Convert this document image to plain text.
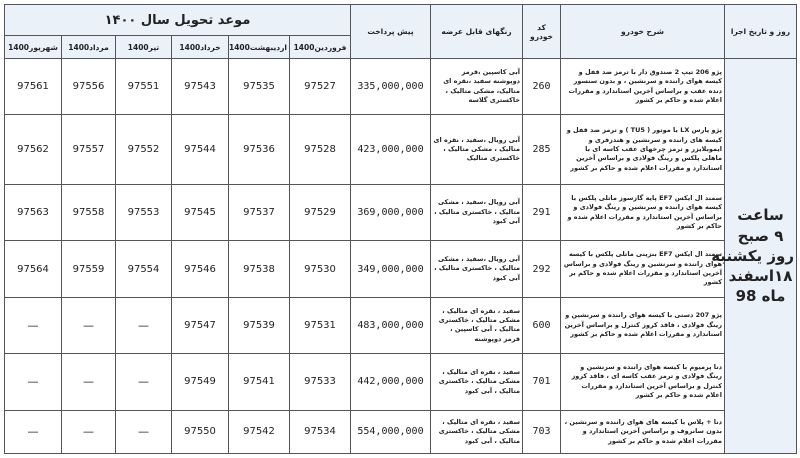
روز و تاریخ اجرا	شرح خودرو	کد خودرو	رنگهای قابل عرضه	پیش پرداخت	موعد تحویل سال ۱۴۰۰					
					فروردین1400	اردیبهشت1400	خرداد1400	تیر1400	مرداد1400	شهریور1400

ساعت
۹ صبح
روز یکشنبه
۱۸اسفند
ماه 98	پژو 206 تیپ 2 صندوق دار با ترمز ضد قفل و کیسه هوای راننده و سرنشین ، و بدون سنسور دنده عقب و براساس آخرین استاندارد و مقررات اعلام شده و حاکم بر کشور	260	آبی کاسپین ،قرمز دوپوشنه سفید ،نقره ای متالیک، مشکی متالیک ، خاکستری گلاسه	335,000,000	97527	97535	97543	97551	97556	97561
	پژو پارس LX با موتور ( TU5 ) و ترمز ضد قفل و کیسه های راننده و سرنشین و هندزفری و ایموبلایزر و ترمز چرخهای عقب کاسه ای با ماهلی پلکس و رینگ فولادی و براساس آخرین استاندارد و مقررات اعلام شده و حاکم بر کشور	285	آبی رویال ،سفید ، نقره ای متالیک ، مشکی متالیک ، خاکستری متالیک	423,000,000	97528	97536	97544	97552	97557	97562
	سمند ال ایکس EF7 پایه گازسوز ماتلی پلکس با کیسه هوای راننده و سرنشین و رینگ فولادی و براساس آخرین استاندارد و مقررات اعلام شده و حاکم بر کشور	291	آبی رویال ،سفید ، مشکی متالیک ، خاکستری متالیک ، آبی کبود	369,000,000	97529	97537	97545	97553	97558	97563
	سمند ال ایکس EF7 بنزینی ماتلی پلکس با کیسه هوای راننده و سرنشین و رینگ فولادی و براساس آخرین استاندارد و مقررات اعلام شده و حاکم بر کشور	292	آبی رویال ،سفید ، مشکی متالیک ، خاکستری متالیک ، آبی کبود	349,000,000	97530	97538	97546	97554	97559	97564
	پژو 207 دستی با کیسه هوای راننده و سرنشین و رینگ فولادی ، فاقد کروز کنترل و براساس آخرین استاندارد و مقررات اعلام شده و حاکم بر کشور	600	سفید ، نقره ای متالیک ، مشکی متالیک ، خاکستری متالیک ، آبی کاسپین ، قرمز دوپوشنه	483,000,000	97531	97539	97547	—	—	—
	دنا پرمیوم با کیسه هوای راننده و سرنشین و رینگ فولادی و ترمز عقب کاسه ای ، فاقد کروز کنترل و براساس آخرین استاندارد و مقررات اعلام شده و حاکم بر کشور	701	سفید ، نقره ای متالیک ، مشکی متالیک ، خاکستری متالیک ، آبی کبود	442,000,000	97533	97541	97549	—	—	—
	دنا + پلاس با کیسه های هوای راننده و سرنشین ، بدون سانروف و براساس آخرین استاندارد و مقررات اعلام شده و حاکم بر کشور	703	سفید ، نقره ای متالیک ، مشکی متالیک ، خاکستری متالیک ، آبی کبود	554,000,000	97534	97542	97550	—	—	—
